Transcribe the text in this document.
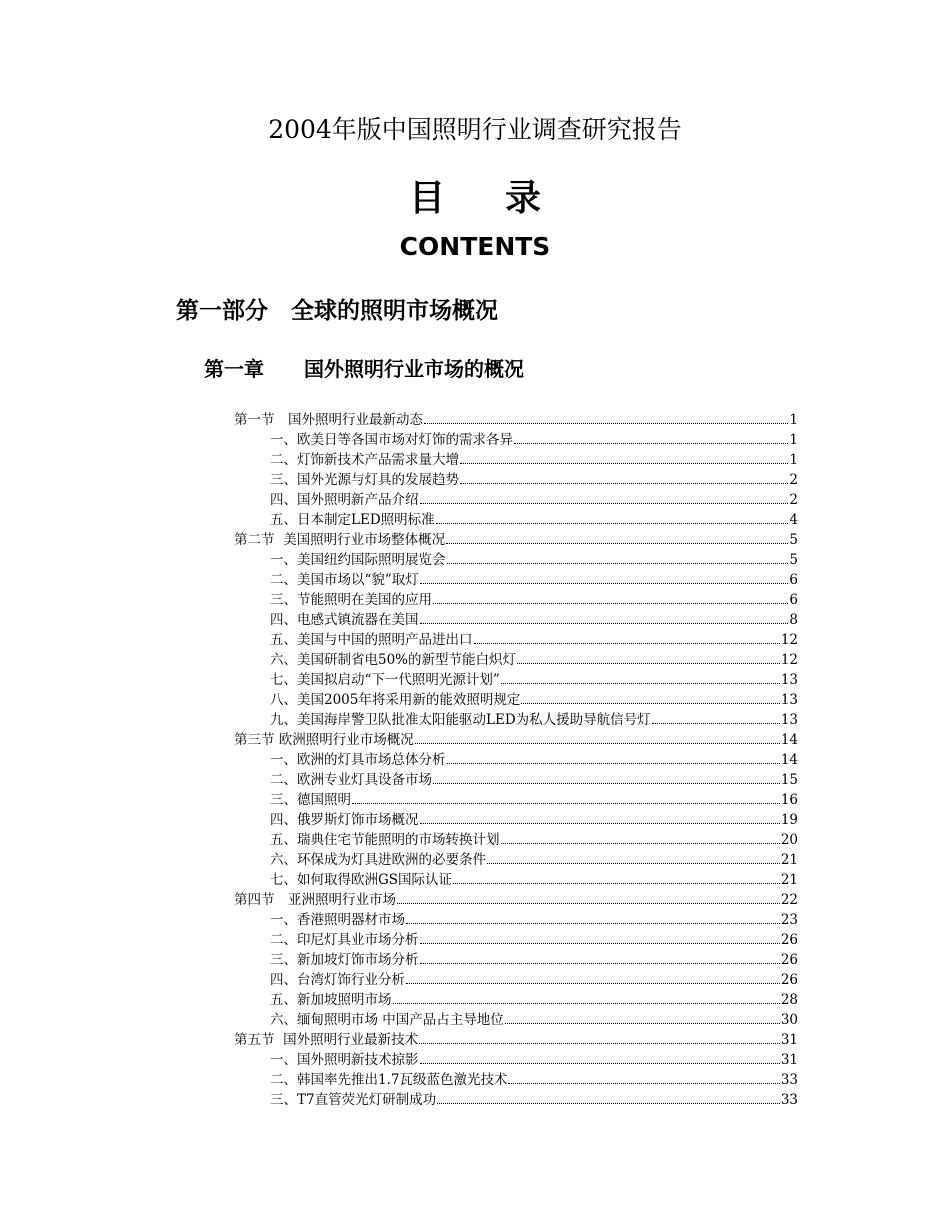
2004年版中国照明行业调查研究报告
目录
CONTENTS
第一部分　全球的照明市场概况
第一章　　国外照明行业市场的概况
第一节　国外照明行业最新动态	1
一、欧美日等各国市场对灯饰的需求各异	1
二、灯饰新技术产品需求量大增	1
三、国外光源与灯具的发展趋势	2
四、国外照明新产品介绍	2
五、日本制定LED照明标准	4
第二节  美国照明行业市场整体概况	5
一、美国纽约国际照明展览会	5
二、美国市场以“貌”取灯	6
三、节能照明在美国的应用	6
四、电感式镇流器在美国	8
五、美国与中国的照明产品进出口	12
六、美国研制省电50%的新型节能白炽灯	12
七、美国拟启动“下一代照明光源计划”	13
八、美国2005年将采用新的能效照明规定	13
九、美国海岸警卫队批准太阳能驱动LED为私人援助导航信号灯	13
第三节 欧洲照明行业市场概况	14
一、欧洲的灯具市场总体分析	14
二、欧洲专业灯具设备市场	15
三、德国照明	16
四、俄罗斯灯饰市场概况	19
五、瑞典住宅节能照明的市场转换计划	20
六、环保成为灯具进欧洲的必要条件	21
七、如何取得欧洲GS国际认证	21
第四节　亚洲照明行业市场	22
一、香港照明器材市场	23
二、印尼灯具业市场分析	26
三、新加坡灯饰市场分析	26
四、台湾灯饰行业分析	26
五、新加坡照明市场	28
六、缅甸照明市场 中国产品占主导地位	30
第五节  国外照明行业最新技术	31
一、国外照明新技术掠影	31
二、韩国率先推出1.7瓦级蓝色激光技术	33
三、T7直管荧光灯研制成功	33
